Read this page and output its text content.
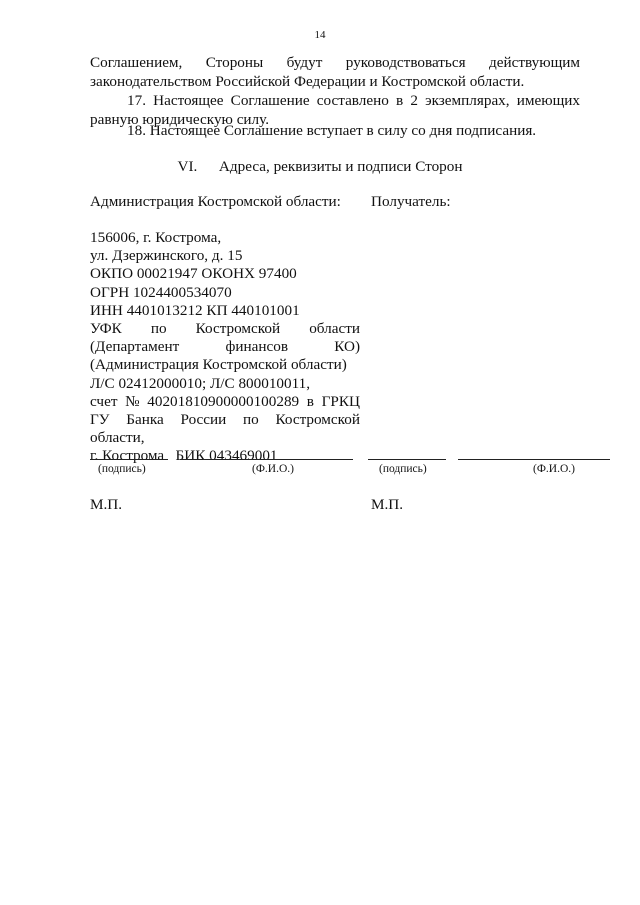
14
Соглашением, Стороны будут руководствоваться действующим
законодательством Российской Федерации и Костромской области.

17. Настоящее Соглашение составлено в 2 экземплярах, имеющих равную юридическую силу.

18. Настоящее Соглашение вступает в силу со дня подписания.

VI. Адреса, реквизиты и подписи Сторон
Администрация Костромской области: Получатель:
156006, г. Кострома,
ул. Дзержинского, д. 15
ОКПО 00021947 ОКОНХ 97400
ОГРН 1024400534070
ИНН 4401013212 КП 440101001
УФК по Костромской области
(Департамент	финансов	КО)
(Администрация Костромской области)
Л/С 02412000010; Л/С 800010011,
счет № 40201810900000100289 в ГРКЦ
ГУ Банка России по Костромской
области,
г. Кострома   БИК 043469001
(подпись)	(Ф.И.О.)	(подпись)	(Ф.И.О.)
М.П.	М.П.
